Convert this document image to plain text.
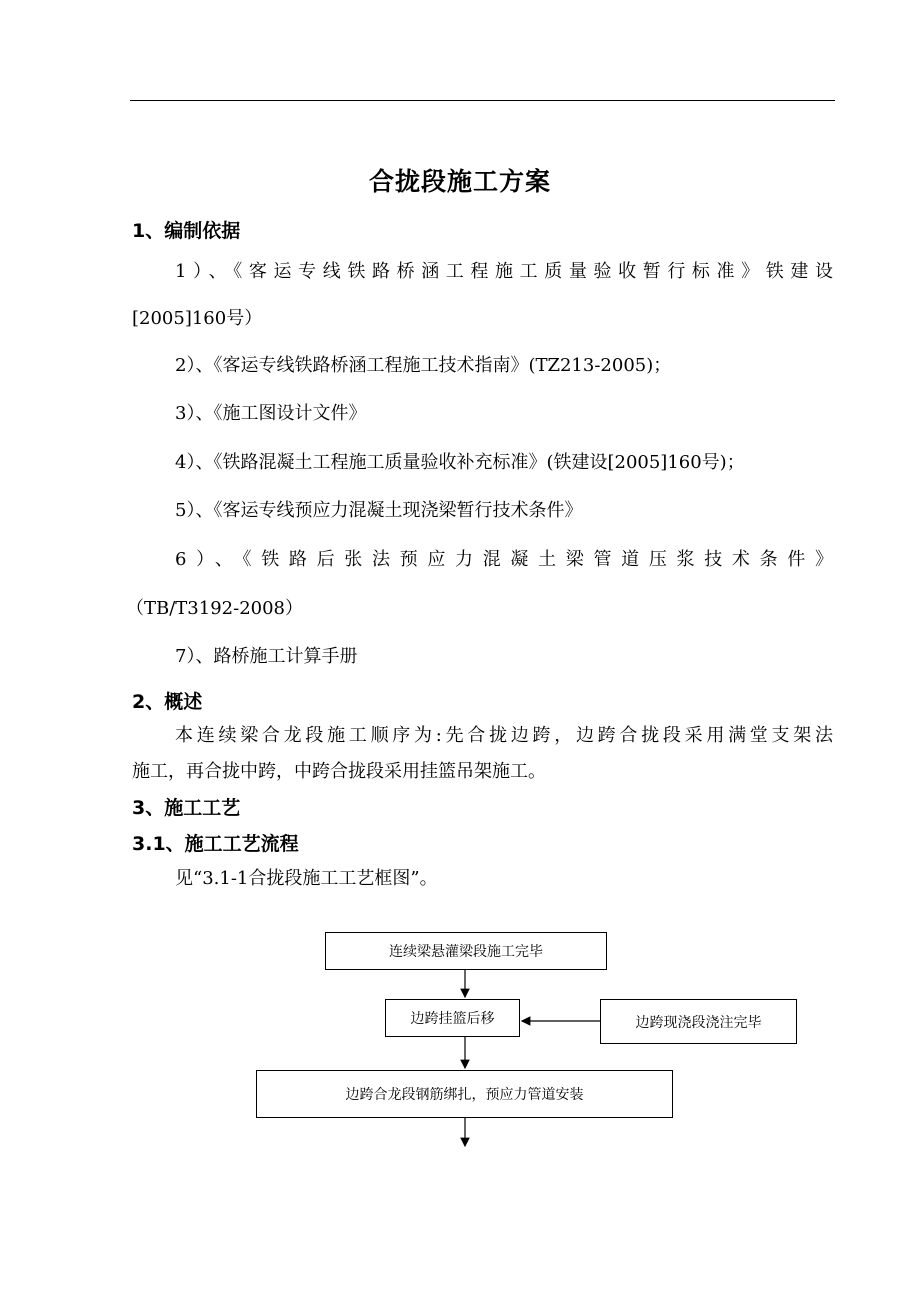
合拢段施工方案
1、编制依据
1）、《客运专线铁路桥涵工程施工质量验收暂行标准》铁建设
[2005]160号）
2）、《客运专线铁路桥涵工程施工技术指南》(TZ213-2005)；
3）、《施工图设计文件》
4）、《铁路混凝土工程施工质量验收补充标准》(铁建设[2005]160号)；
5）、《客运专线预应力混凝土现浇梁暂行技术条件》
6）、《铁路后张法预应力混凝土梁管道压浆技术条件》
（TB/T3192-2008）
7）、路桥施工计算手册
2、概述
本连续梁合龙段施工顺序为:先合拢边跨，边跨合拢段采用满堂支架法
施工，再合拢中跨，中跨合拢段采用挂篮吊架施工。
3、施工工艺
3.1、施工工艺流程
见“3.1-1合拢段施工工艺框图”。
连续梁悬灌梁段施工完毕
边跨挂篮后移	边跨现浇段浇注完毕
边跨合龙段钢筋绑扎，预应力管道安装
